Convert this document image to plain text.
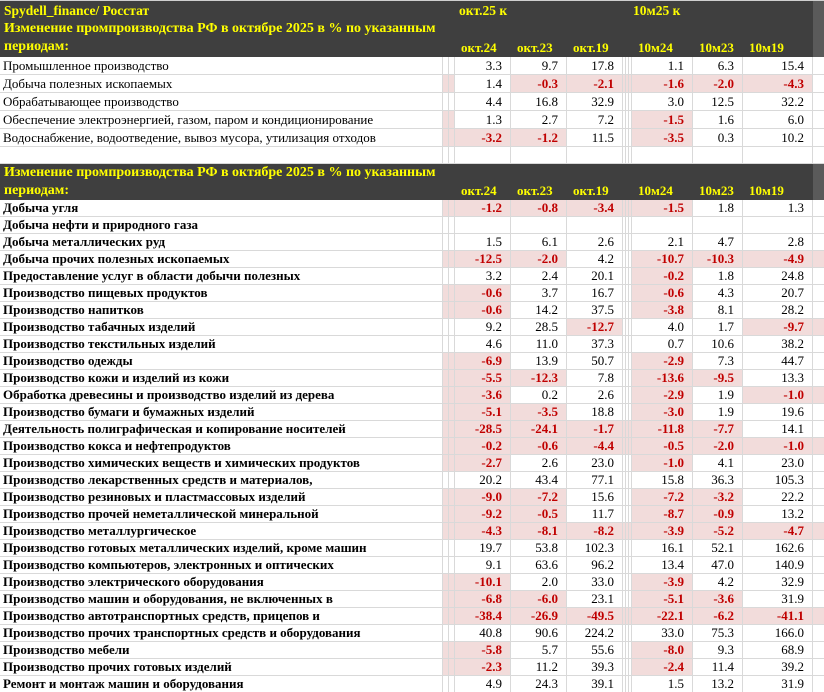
Spydell_finance/ Росстат	окт.25 к	10м25 к
Изменение промпроизводства РФ в октябре 2025 в % по указанным периодам:	окт.24	окт.23	окт.19	10м24	10м23	10м19
Промышленное производство	3.3	9.7	17.8	1.1	6.3	15.4
Добыча полезных ископаемых	1.4	-0.3	-2.1	-1.6	-2.0	-4.3
Обрабатывающее производство	4.4	16.8	32.9	3.0	12.5	32.2
Обеспечение электроэнергией, газом, паром и кондиционирование	1.3	2.7	7.2	-1.5	1.6	6.0
Водоснабжение, водоотведение, вывоз мусора, утилизация отходов	-3.2	-1.2	11.5	-3.5	0.3	10.2
Изменение промпроизводства РФ в октябре 2025 в % по указанным периодам:	окт.24	окт.23	окт.19	10м24	10м23	10м19
Добыча угля	-1.2	-0.8	-3.4	-1.5	1.8	1.3
Добыча нефти и природного газа
Добыча металлических руд	1.5	6.1	2.6	2.1	4.7	2.8
Добыча прочих полезных ископаемых	-12.5	-2.0	4.2	-10.7	-10.3	-4.9
Предоставление услуг в области добычи полезных	3.2	2.4	20.1	-0.2	1.8	24.8
Производство пищевых продуктов	-0.6	3.7	16.7	-0.6	4.3	20.7
Производство напитков	-0.6	14.2	37.5	-3.8	8.1	28.2
Производство табачных изделий	9.2	28.5	-12.7	4.0	1.7	-9.7
Производство текстильных изделий	4.6	11.0	37.3	0.7	10.6	38.2
Производство одежды	-6.9	13.9	50.7	-2.9	7.3	44.7
Производство кожи и изделий из кожи	-5.5	-12.3	7.8	-13.6	-9.5	13.3
Обработка древесины и производство изделий из дерева	-3.6	0.2	2.6	-2.9	1.9	-1.0
Производство бумаги и бумажных изделий	-5.1	-3.5	18.8	-3.0	1.9	19.6
Деятельность полиграфическая и копирование носителей	-28.5	-24.1	-1.7	-11.8	-7.7	14.1
Производство кокса и нефтепродуктов	-0.2	-0.6	-4.4	-0.5	-2.0	-1.0
Производство химических веществ и химических продуктов	-2.7	2.6	23.0	-1.0	4.1	23.0
Производство лекарственных средств и материалов,	20.2	43.4	77.1	15.8	36.3	105.3
Производство резиновых и пластмассовых изделий	-9.0	-7.2	15.6	-7.2	-3.2	22.2
Производство прочей неметаллической минеральной	-9.2	-0.5	11.7	-8.7	-0.9	13.2
Производство металлургическое	-4.3	-8.1	-8.2	-3.9	-5.2	-4.7
Производство готовых металлических изделий, кроме машин	19.7	53.8	102.3	16.1	52.1	162.6
Производство компьютеров, электронных и оптических	9.1	63.6	96.2	13.4	47.0	140.9
Производство электрического оборудования	-10.1	2.0	33.0	-3.9	4.2	32.9
Производство машин и оборудования, не включенных в	-6.8	-6.0	23.1	-5.1	-3.6	31.9
Производство автотранспортных средств, прицепов и	-38.4	-26.9	-49.5	-22.1	-6.2	-41.1
Производство прочих транспортных средств и оборудования	40.8	90.6	224.2	33.0	75.3	166.0
Производство мебели	-5.8	5.7	55.6	-8.0	9.3	68.9
Производство прочих готовых изделий	-2.3	11.2	39.3	-2.4	11.4	39.2
Ремонт и монтаж машин и оборудования	4.9	24.3	39.1	1.5	13.2	31.9
